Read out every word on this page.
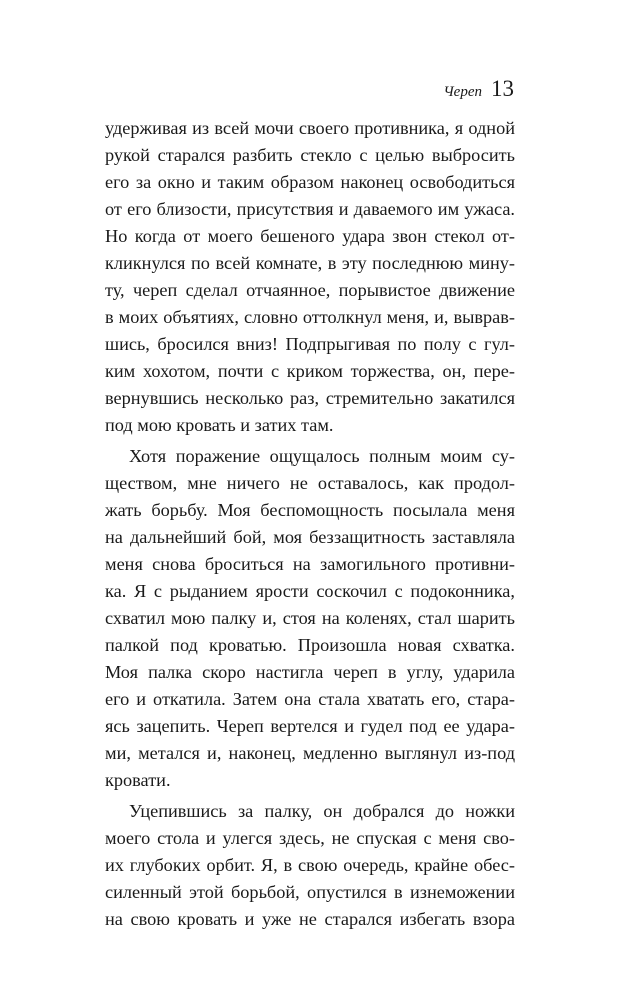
Череп 13
удерживая из всей мочи своего противника, я одной
рукой старался разбить стекло с целью выбросить
его за окно и таким образом наконец освободиться
от его близости, присутствия и даваемого им ужаса.
Но когда от моего бешеного удара звон стекол от-
кликнулся по всей комнате, в эту последнюю мину-
ту, череп сделал отчаянное, порывистое движение
в моих объятиях, словно оттолкнул меня, и, выврав-
шись, бросился вниз! Подпрыгивая по полу с гул-
ким хохотом, почти с криком торжества, он, пере-
вернувшись несколько раз, стремительно закатился
под мою кровать и затих там.
Хотя поражение ощущалось полным моим су-
ществом, мне ничего не оставалось, как продол-
жать борьбу. Моя беспомощность посылала меня
на дальнейший бой, моя беззащитность заставляла
меня снова броситься на замогильного противни-
ка. Я с рыданием ярости соскочил с подоконника,
схватил мою палку и, стоя на коленях, стал шарить
палкой под кроватью. Произошла новая схватка.
Моя палка скоро настигла череп в углу, ударила
его и откатила. Затем она стала хватать его, стара-
ясь зацепить. Череп вертелся и гудел под ее удара-
ми, метался и, наконец, медленно выглянул из-под
кровати.
Уцепившись за палку, он добрался до ножки
моего стола и улегся здесь, не спуская с меня сво-
их глубоких орбит. Я, в свою очередь, крайне обес-
силенный этой борьбой, опустился в изнеможении
на свою кровать и уже не старался избегать взора
